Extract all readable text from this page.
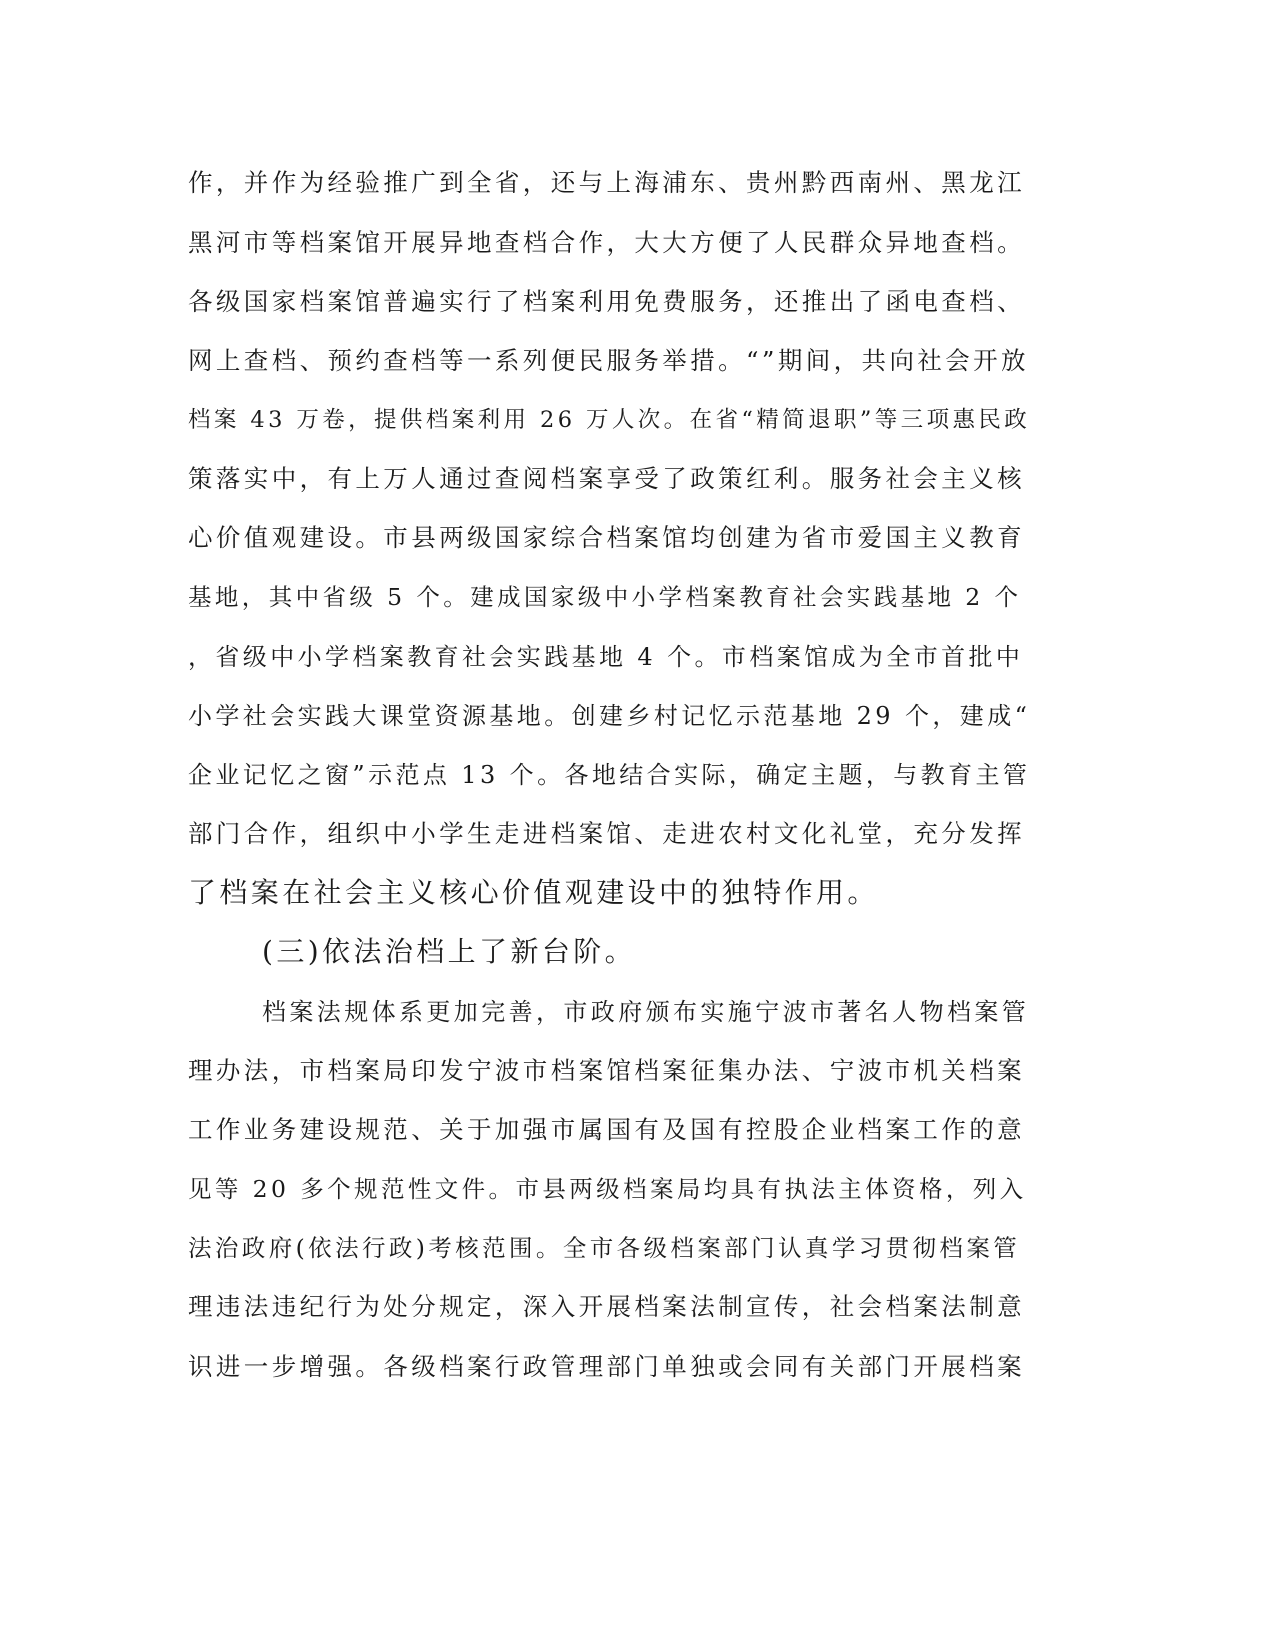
作，并作为经验推广到全省，还与上海浦东、贵州黔西南州、黑龙江
黑河市等档案馆开展异地查档合作，大大方便了人民群众异地查档。
各级国家档案馆普遍实行了档案利用免费服务，还推出了函电查档、
网上查档、预约查档等一系列便民服务举措。“”期间，共向社会开放
档案 43 万卷，提供档案利用 26 万人次。在省“精简退职”等三项惠民政
策落实中，有上万人通过查阅档案享受了政策红利。服务社会主义核
心价值观建设。市县两级国家综合档案馆均创建为省市爱国主义教育
基地，其中省级 5 个。建成国家级中小学档案教育社会实践基地 2 个
，省级中小学档案教育社会实践基地 4 个。市档案馆成为全市首批中
小学社会实践大课堂资源基地。创建乡村记忆示范基地 29 个，建成“
企业记忆之窗”示范点 13 个。各地结合实际，确定主题，与教育主管
部门合作，组织中小学生走进档案馆、走进农村文化礼堂，充分发挥
了档案在社会主义核心价值观建设中的独特作用。
(三)依法治档上了新台阶。
档案法规体系更加完善，市政府颁布实施宁波市著名人物档案管
理办法，市档案局印发宁波市档案馆档案征集办法、宁波市机关档案
工作业务建设规范、关于加强市属国有及国有控股企业档案工作的意
见等 20 多个规范性文件。市县两级档案局均具有执法主体资格，列入
法治政府(依法行政)考核范围。全市各级档案部门认真学习贯彻档案管
理违法违纪行为处分规定，深入开展档案法制宣传，社会档案法制意
识进一步增强。各级档案行政管理部门单独或会同有关部门开展档案
